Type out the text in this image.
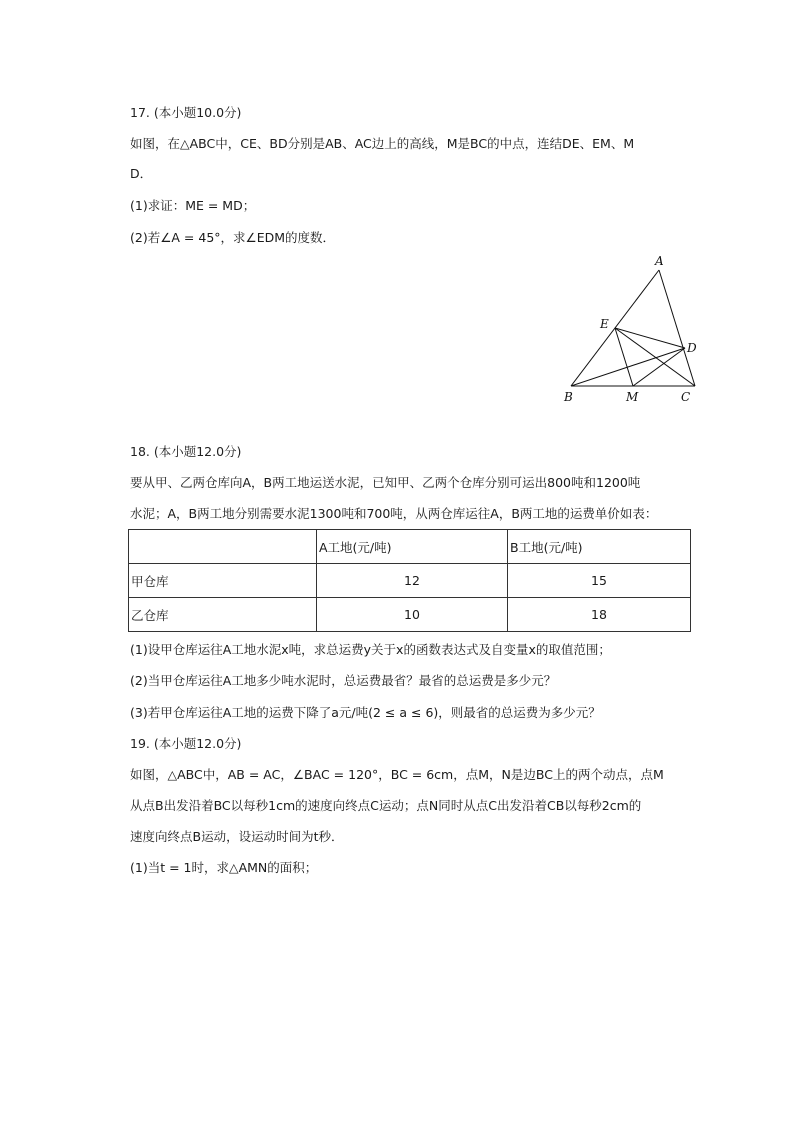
17. (本小题10.0分)
如图，在△ABC中，CE、BD分别是AB、AC边上的高线，M是BC的中点，连结DE、EM、M
D．
(1)求证：ME = MD；
(2)若∠A = 45°，求∠EDM的度数．
A
E
D
B	M	C
18. (本小题12.0分)
要从甲、乙两仓库向A，B两工地运送水泥，已知甲、乙两个仓库分别可运出800吨和1200吨
水泥；A，B两工地分别需要水泥1300吨和700吨，从两仓库运往A，B两工地的运费单价如表：
	A工地(元/吨)	B工地(元/吨)
甲仓库	12	15
乙仓库	10	18
(1)设甲仓库运往A工地水泥x吨，求总运费y关于x的函数表达式及自变量x的取值范围；
(2)当甲仓库运往A工地多少吨水泥时，总运费最省？最省的总运费是多少元？
(3)若甲仓库运往A工地的运费下降了a元/吨(2 ≤ a ≤ 6)，则最省的总运费为多少元？
19. (本小题12.0分)
如图，△ABC中，AB = AC，∠BAC = 120°，BC = 6cm，点M，N是边BC上的两个动点，点M
从点B出发沿着BC以每秒1cm的速度向终点C运动；点N同时从点C出发沿着CB以每秒2cm的
速度向终点B运动，设运动时间为t秒．
(1)当t = 1时，求△AMN的面积；
